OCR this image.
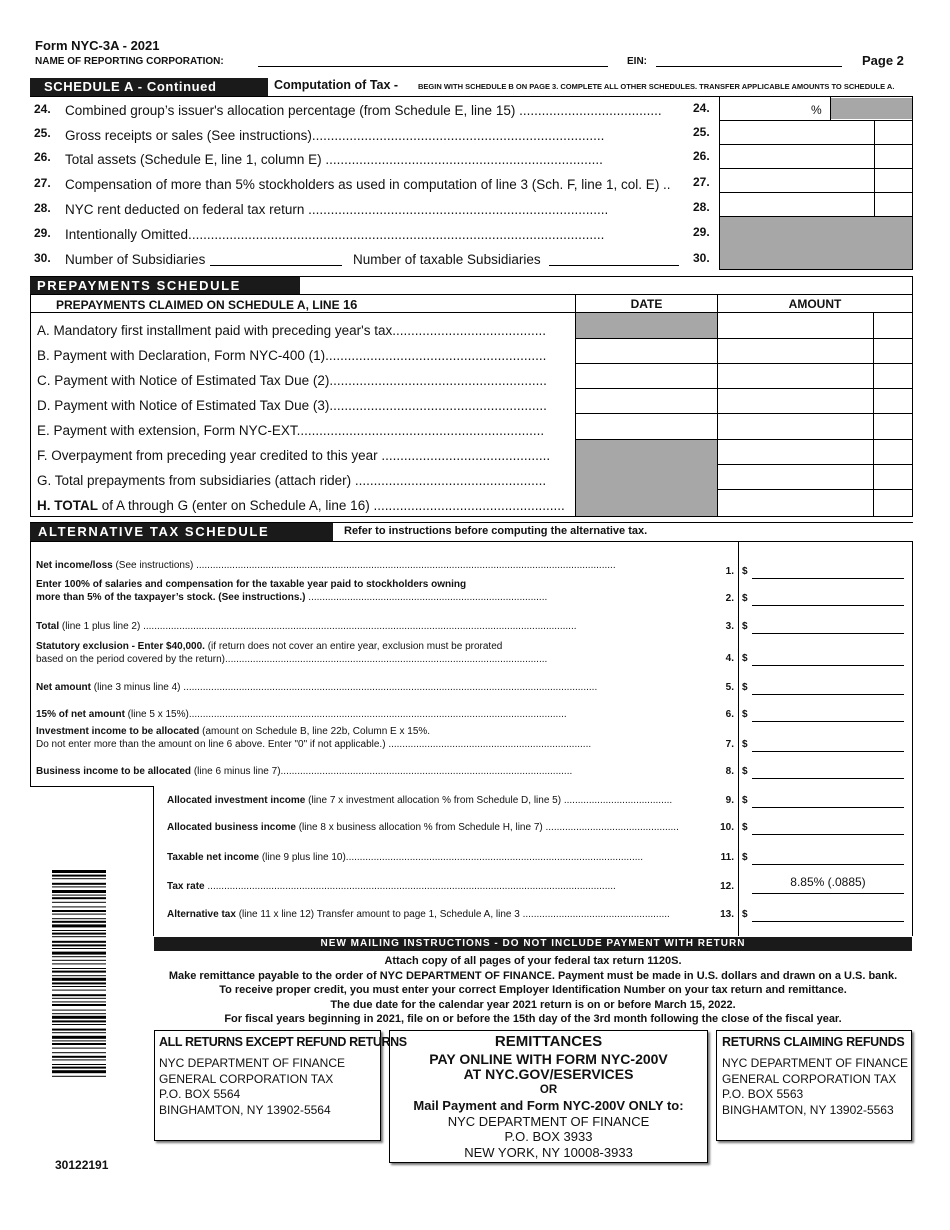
Form NYC-3A - 2021
NAME OF REPORTING CORPORATION:	EIN:	Page 2
SCHEDULE A - Continued	Computation of Tax -	BEGIN WITH SCHEDULE B ON PAGE 3. COMPLETE ALL OTHER SCHEDULES. TRANSFER APPLICABLE AMOUNTS TO SCHEDULE A.
%
24. Combined group’s issuer's allocation percentage (from Schedule E, line 15) ......................................	24.
25. Gross receipts or sales (See instructions)..............................................................................	25.
26. Total assets (Schedule E, line 1, column E) ..........................................................................	26.
27. Compensation of more than 5% stockholders as used in computation of line 3 (Sch. F, line 1, col. E) ..	27.
28. NYC rent deducted on federal tax return ................................................................................	28.
29. Intentionally Omitted...............................................................................................................	29.
30. Number of Subsidiaries	Number of taxable Subsidiaries	30.
PREPAYMENTS SCHEDULE
PREPAYMENTS CLAIMED ON SCHEDULE A, LINE 16	DATE	AMOUNT
A. Mandatory first installment paid with preceding year's tax.........................................
B. Payment with Declaration, Form NYC-400 (1)...........................................................
C. Payment with Notice of Estimated Tax Due (2)..........................................................
D. Payment with Notice of Estimated Tax Due (3)..........................................................
E. Payment with extension, Form NYC-EXT..................................................................
F. Overpayment from preceding year credited to this year .............................................
G. Total prepayments from subsidiaries (attach rider) ...................................................
H. TOTAL of A through G (enter on Schedule A, line 16) ...................................................
ALTERNATIVE TAX SCHEDULE	Refer to instructions before computing the alternative tax.
Net income/loss (See instructions) .......................................................................................................................................................
1. $
Enter 100% of salaries and compensation for the taxable year paid to stockholders owning
more than 5% of the taxpayer’s stock. (See instructions.) ......................................................................................	2. $
Total (line 1 plus line 2) ............................................................................................................................................................	3. $
Statutory exclusion - Enter $40,000. (if return does not cover an entire year, exclusion must be prorated
based on the period covered by the return)....................................................................................................................	4. $
Net amount (line 3 minus line 4) .....................................................................................................................................................	5. $
15% of net amount (line 5 x 15%)........................................................................................................................................	6. $
Investment income to be allocated (amount on Schedule B, line 22b, Column E x 15%.
Do not enter more than the amount on line 6 above. Enter "0" if not applicable.) .........................................................................	7. $
Business income to be allocated (line 6 minus line 7).........................................................................................................	8. $
Allocated investment income (line 7 x investment allocation % from Schedule D, line 5) .......................................	9. $
Allocated business income (line 8 x business allocation % from Schedule H, line 7) ................................................	10. $
Taxable net income (line 9 plus line 10)...........................................................................................................	11. $
Tax rate ...................................................................................................................................................	12.	8.85% (.0885)
Alternative tax (line 11 x line 12) Transfer amount to page 1, Schedule A, line 3 .....................................................	13. $
NEW MAILING INSTRUCTIONS - DO NOT INCLUDE PAYMENT WITH RETURN
Attach copy of all pages of your federal tax return 1120S.
Make remittance payable to the order of NYC DEPARTMENT OF FINANCE. Payment must be made in U.S. dollars and drawn on a U.S. bank.
To receive proper credit, you must enter your correct Employer Identification Number on your tax return and remittance.
The due date for the calendar year 2021 return is on or before March 15, 2022.
For fiscal years beginning in 2021, file on or before the 15th day of the 3rd month following the close of the fiscal year.
ALL RETURNS EXCEPT REFUND RETURNS
NYC DEPARTMENT OF FINANCE
GENERAL CORPORATION TAX
P.O. BOX 5564
BINGHAMTON, NY 13902-5564
REMITTANCES
PAY ONLINE WITH FORM NYC-200V
AT NYC.GOV/ESERVICES
OR
Mail Payment and Form NYC-200V ONLY to:
NYC DEPARTMENT OF FINANCE
P.O. BOX 3933
NEW YORK, NY 10008-3933
RETURNS CLAIMING REFUNDS
NYC DEPARTMENT OF FINANCE
GENERAL CORPORATION TAX
P.O. BOX 5563
BINGHAMTON, NY 13902-5563
30122191
